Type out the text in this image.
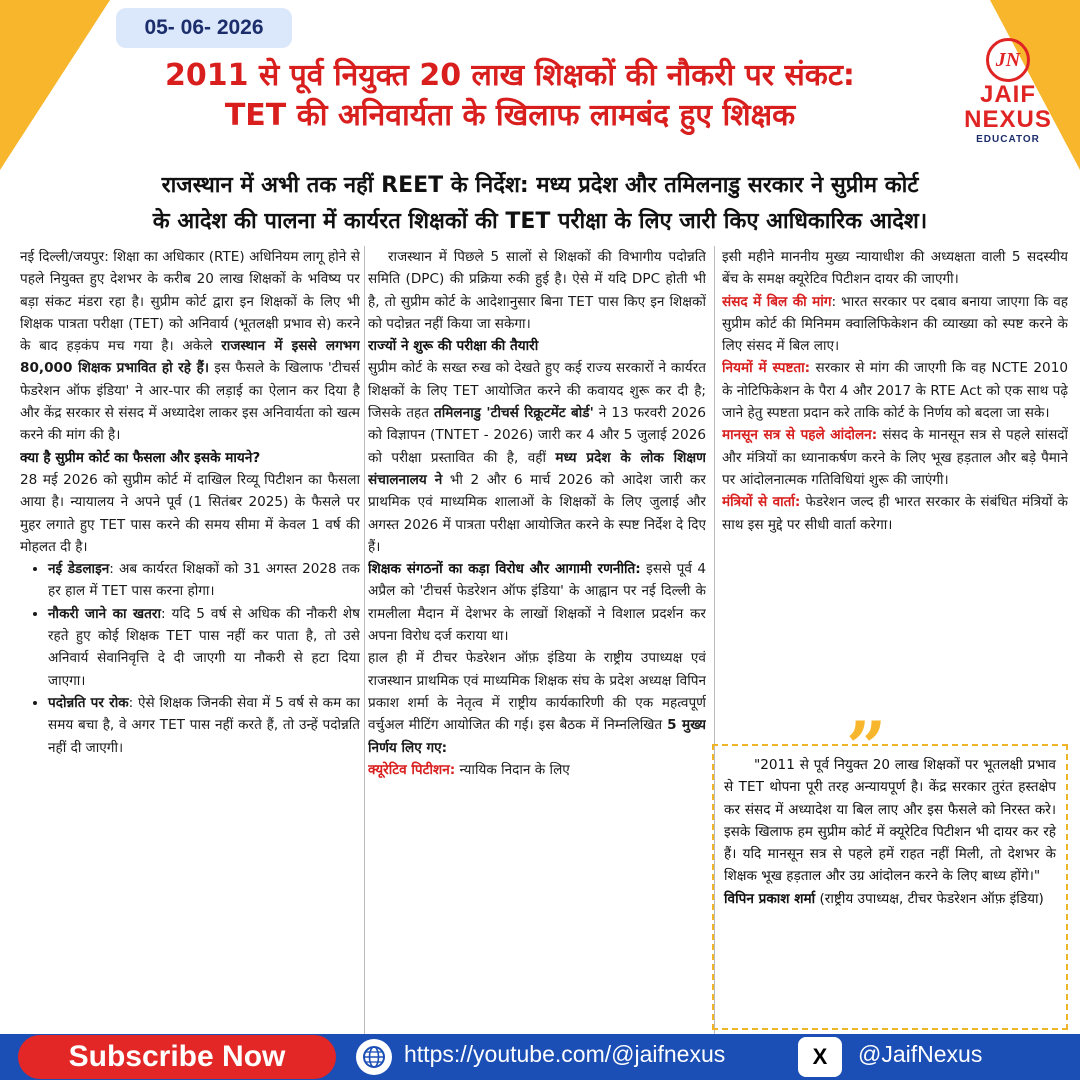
05- 06- 2026
2011 से पूर्व नियुक्त 20 लाख शिक्षकों की नौकरी पर संकट:
TET की अनिवार्यता के खिलाफ लामबंद हुए शिक्षक
JN
JAIF
NEXUS
EDUCATOR
राजस्थान में अभी तक नहीं REET के निर्देश: मध्य प्रदेश और तमिलनाडु सरकार ने सुप्रीम कोर्ट
के आदेश की पालना में कार्यरत शिक्षकों की TET परीक्षा के लिए जारी किए आधिकारिक आदेश।

नई दिल्ली/जयपुर: शिक्षा का अधिकार (RTE) अधिनियम लागू होने से पहले नियुक्त हुए देशभर के करीब 20 लाख शिक्षकों के भविष्य पर बड़ा संकट मंडरा रहा है। सुप्रीम कोर्ट द्वारा इन शिक्षकों के लिए भी शिक्षक पात्रता परीक्षा (TET) को अनिवार्य (भूतलक्षी प्रभाव से) करने के बाद हड़कंप मच गया है। अकेले राजस्थान में इससे लगभग 80,000 शिक्षक प्रभावित हो रहे हैं। इस फैसले के खिलाफ 'टीचर्स फेडरेशन ऑफ इंडिया' ने आर-पार की लड़ाई का ऐलान कर दिया है और केंद्र सरकार से संसद में अध्यादेश लाकर इस अनिवार्यता को खत्म करने की मांग की है।

क्या है सुप्रीम कोर्ट का फैसला और इसके मायने?

28 मई 2026 को सुप्रीम कोर्ट में दाखिल रिव्यू पिटीशन का फैसला आया है। न्यायालय ने अपने पूर्व (1 सितंबर 2025) के फैसले पर मुहर लगाते हुए TET पास करने की समय सीमा में केवल 1 वर्ष की मोहलत दी है।

• नई डेडलाइन: अब कार्यरत शिक्षकों को 31 अगस्त 2028 तक हर हाल में TET पास करना होगा।
• नौकरी जाने का खतरा: यदि 5 वर्ष से अधिक की नौकरी शेष रहते हुए कोई शिक्षक TET पास नहीं कर पाता है, तो उसे अनिवार्य सेवानिवृत्ति दे दी जाएगी या नौकरी से हटा दिया जाएगा।
• पदोन्नति पर रोक: ऐसे शिक्षक जिनकी सेवा में 5 वर्ष से कम का समय बचा है, वे अगर TET पास नहीं करते हैं, तो उन्हें पदोन्नति नहीं दी जाएगी।

राजस्थान में पिछले 5 सालों से शिक्षकों की विभागीय पदोन्नति समिति (DPC) की प्रक्रिया रुकी हुई है। ऐसे में यदि DPC होती भी है, तो सुप्रीम कोर्ट के आदेशानुसार बिना TET पास किए इन शिक्षकों को पदोन्नत नहीं किया जा सकेगा।

राज्यों ने शुरू की परीक्षा की तैयारी

सुप्रीम कोर्ट के सख्त रुख को देखते हुए कई राज्य सरकारों ने कार्यरत शिक्षकों के लिए TET आयोजित करने की कवायद शुरू कर दी है; जिसके तहत तमिलनाडु 'टीचर्स रिक्रूटमेंट बोर्ड' ने 13 फरवरी 2026 को विज्ञापन (TNTET - 2026) जारी कर 4 और 5 जुलाई 2026 को परीक्षा प्रस्तावित की है, वहीं मध्य प्रदेश के लोक शिक्षण संचालनालय ने भी 2 और 6 मार्च 2026 को आदेश जारी कर प्राथमिक एवं माध्यमिक शालाओं के शिक्षकों के लिए जुलाई और अगस्त 2026 में पात्रता परीक्षा आयोजित करने के स्पष्ट निर्देश दे दिए हैं।

शिक्षक संगठनों का कड़ा विरोध और आगामी रणनीति: इससे पूर्व 4 अप्रैल को 'टीचर्स फेडरेशन ऑफ इंडिया' के आह्वान पर नई दिल्ली के रामलीला मैदान में देशभर के लाखों शिक्षकों ने विशाल प्रदर्शन कर अपना विरोध दर्ज कराया था।

हाल ही में टीचर फेडरेशन ऑफ़ इंडिया के राष्ट्रीय उपाध्यक्ष एवं राजस्थान प्राथमिक एवं माध्यमिक शिक्षक संघ के प्रदेश अध्यक्ष विपिन प्रकाश शर्मा के नेतृत्व में राष्ट्रीय कार्यकारिणी की एक महत्वपूर्ण वर्चुअल मीटिंग आयोजित की गई। इस बैठक में निम्नलिखित 5 मुख्य निर्णय लिए गए:

क्यूरेटिव पिटीशन: न्यायिक निदान के लिए

इसी महीने माननीय मुख्य न्यायाधीश की अध्यक्षता वाली 5 सदस्यीय बेंच के समक्ष क्यूरेटिव पिटीशन दायर की जाएगी।

संसद में बिल की मांग: भारत सरकार पर दबाव बनाया जाएगा कि वह सुप्रीम कोर्ट की मिनिमम क्वालिफिकेशन की व्याख्या को स्पष्ट करने के लिए संसद में बिल लाए।

नियमों में स्पष्टता: सरकार से मांग की जाएगी कि वह NCTE 2010 के नोटिफिकेशन के पैरा 4 और 2017 के RTE Act को एक साथ पढ़े जाने हेतु स्पष्टता प्रदान करे ताकि कोर्ट के निर्णय को बदला जा सके।

मानसून सत्र से पहले आंदोलन: संसद के मानसून सत्र से पहले सांसदों और मंत्रियों का ध्यानाकर्षण करने के लिए भूख हड़ताल और बड़े पैमाने पर आंदोलनात्मक गतिविधियां शुरू की जाएंगी।

मंत्रियों से वार्ता: फेडरेशन जल्द ही भारत सरकार के संबंधित मंत्रियों के साथ इस मुद्दे पर सीधी वार्ता करेगा।

"2011 से पूर्व नियुक्त 20 लाख शिक्षकों पर भूतलक्षी प्रभाव से TET थोपना पूरी तरह अन्यायपूर्ण है। केंद्र सरकार तुरंत हस्तक्षेप कर संसद में अध्यादेश या बिल लाए और इस फैसले को निरस्त करे। इसके खिलाफ हम सुप्रीम कोर्ट में क्यूरेटिव पिटीशन भी दायर कर रहे हैं। यदि मानसून सत्र से पहले हमें राहत नहीं मिली, तो देशभर के शिक्षक भूख हड़ताल और उग्र आंदोलन करने के लिए बाध्य होंगे।"

विपिन प्रकाश शर्मा (राष्ट्रीय उपाध्यक्ष, टीचर फेडरेशन ऑफ़ इंडिया)

”
Subscribe Now	https://youtube.com/@jaifnexus	X	@JaifNexus
